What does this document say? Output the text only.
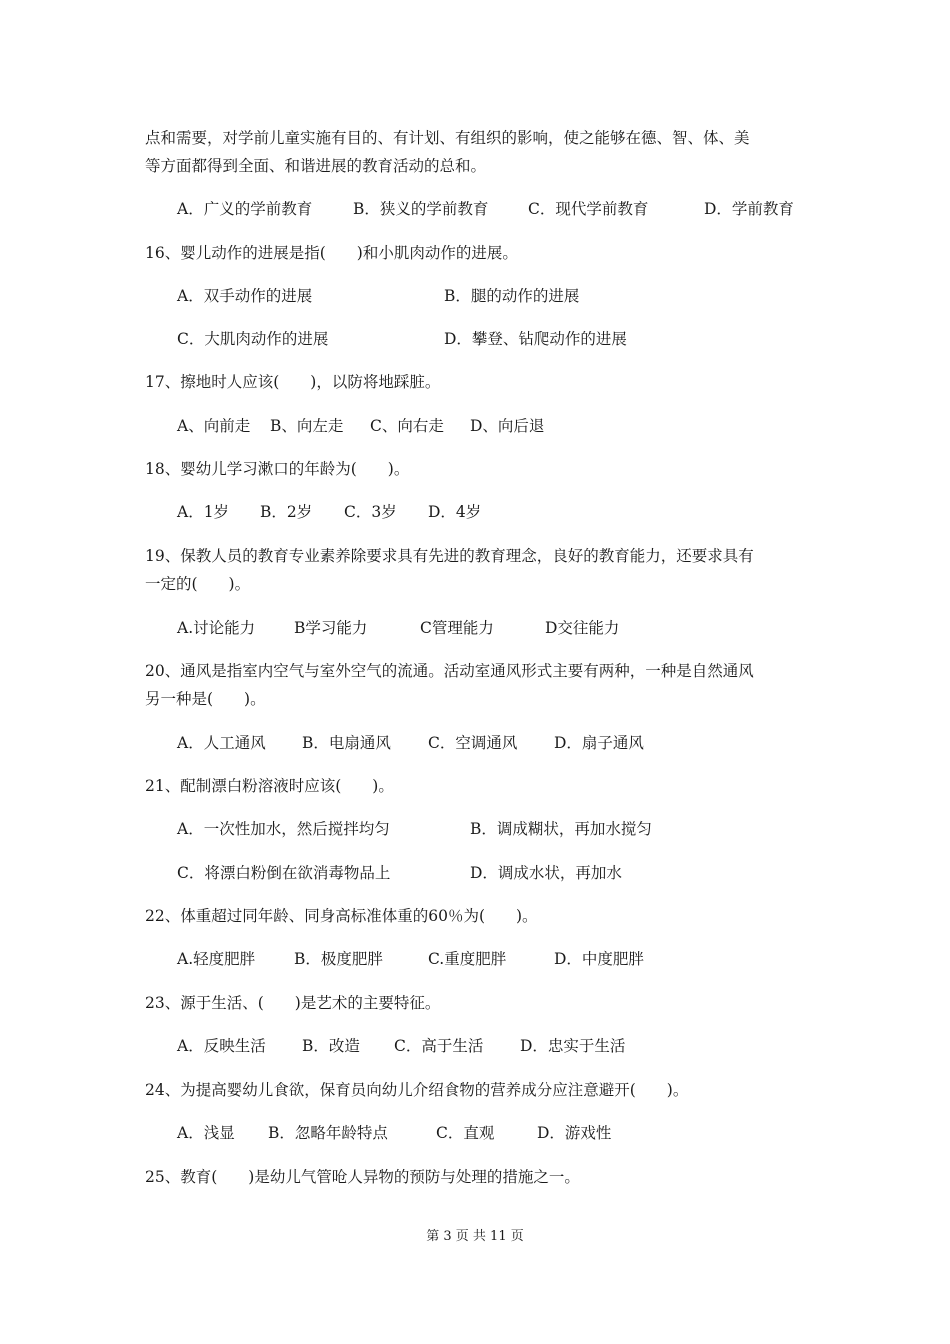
点和需要，对学前儿童实施有目的、有计划、有组织的影响，使之能够在德、智、体、美
等方面都得到全面、和谐进展的教育活动的总和。
A．广义的学前教育	B．狭义的学前教育	C．现代学前教育	D．学前教育
16、婴儿动作的进展是指(　　)和小肌肉动作的进展。
A．双手动作的进展	B．腿的动作的进展
C．大肌肉动作的进展	D．攀登、钻爬动作的进展
17、擦地时人应该(　　)，以防将地踩脏。
A、向前走 B、向左走 C、向右走 D、向后退
18、婴幼儿学习漱口的年龄为(　　)。
A．1岁 B．2岁 C．3岁 D．4岁
19、保教人员的教育专业素养除要求具有先进的教育理念，良好的教育能力，还要求具有
一定的(　　)。
A.讨论能力	B学习能力	C管理能力	D交往能力
20、通风是指室内空气与室外空气的流通。活动室通风形式主要有两种，一种是自然通风
另一种是(　　)。
A．人工通风 B．电扇通风 C．空调通风 D．扇子通风
21、配制漂白粉溶液时应该(　　)。
A．一次性加水，然后搅拌均匀	B．调成糊状，再加水搅匀
C．将漂白粉倒在欲消毒物品上	D．调成水状，再加水
22、体重超过同年龄、同身高标准体重的60％为(　　)。
A.轻度肥胖	B．极度肥胖	C.重度肥胖	D．中度肥胖
23、源于生活、(　　)是艺术的主要特征。
A．反映生活 B．改造 C．高于生活 D．忠实于生活
24、为提高婴幼儿食欲，保育员向幼儿介绍食物的营养成分应注意避开(　　)。
A．浅显 B．忽略年龄特点	C．直观	D．游戏性
25、教育(　　)是幼儿气管呛人异物的预防与处理的措施之一。
第 3 页 共 11 页
